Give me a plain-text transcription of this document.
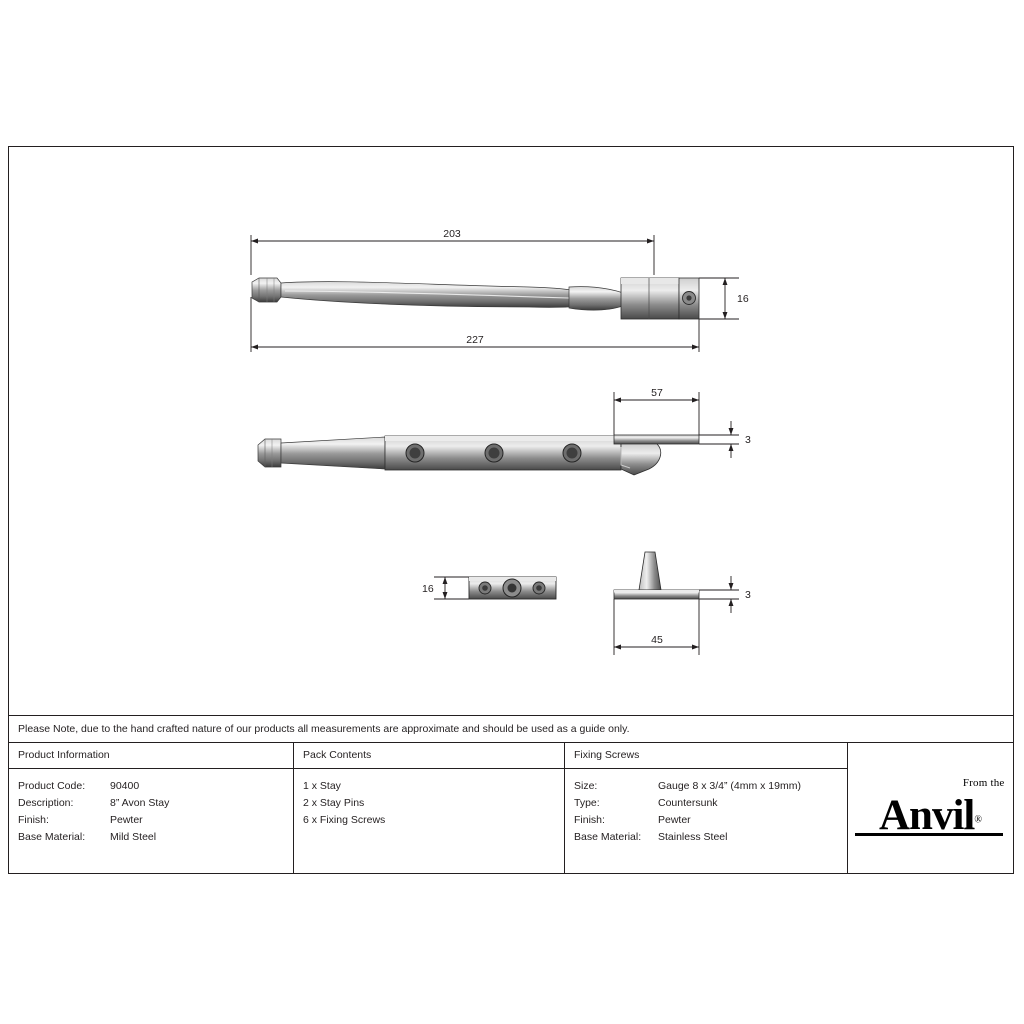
203
227
16
57
3
16	3
45
Please Note, due to the hand crafted nature of our products all measurements are approximate and should be used as a guide only.
Product Information
Product Code:	90400
Description:	8” Avon Stay
Finish:	Pewter
Base Material:	Mild Steel
Pack Contents
1 x Stay
2 x Stay Pins
6 x Fixing Screws
Fixing Screws
Size:	Gauge 8 x 3/4” (4mm x 19mm)
Type:	Countersunk
Finish:	Pewter
Base Material:	Stainless Steel
From the
Anvil®
